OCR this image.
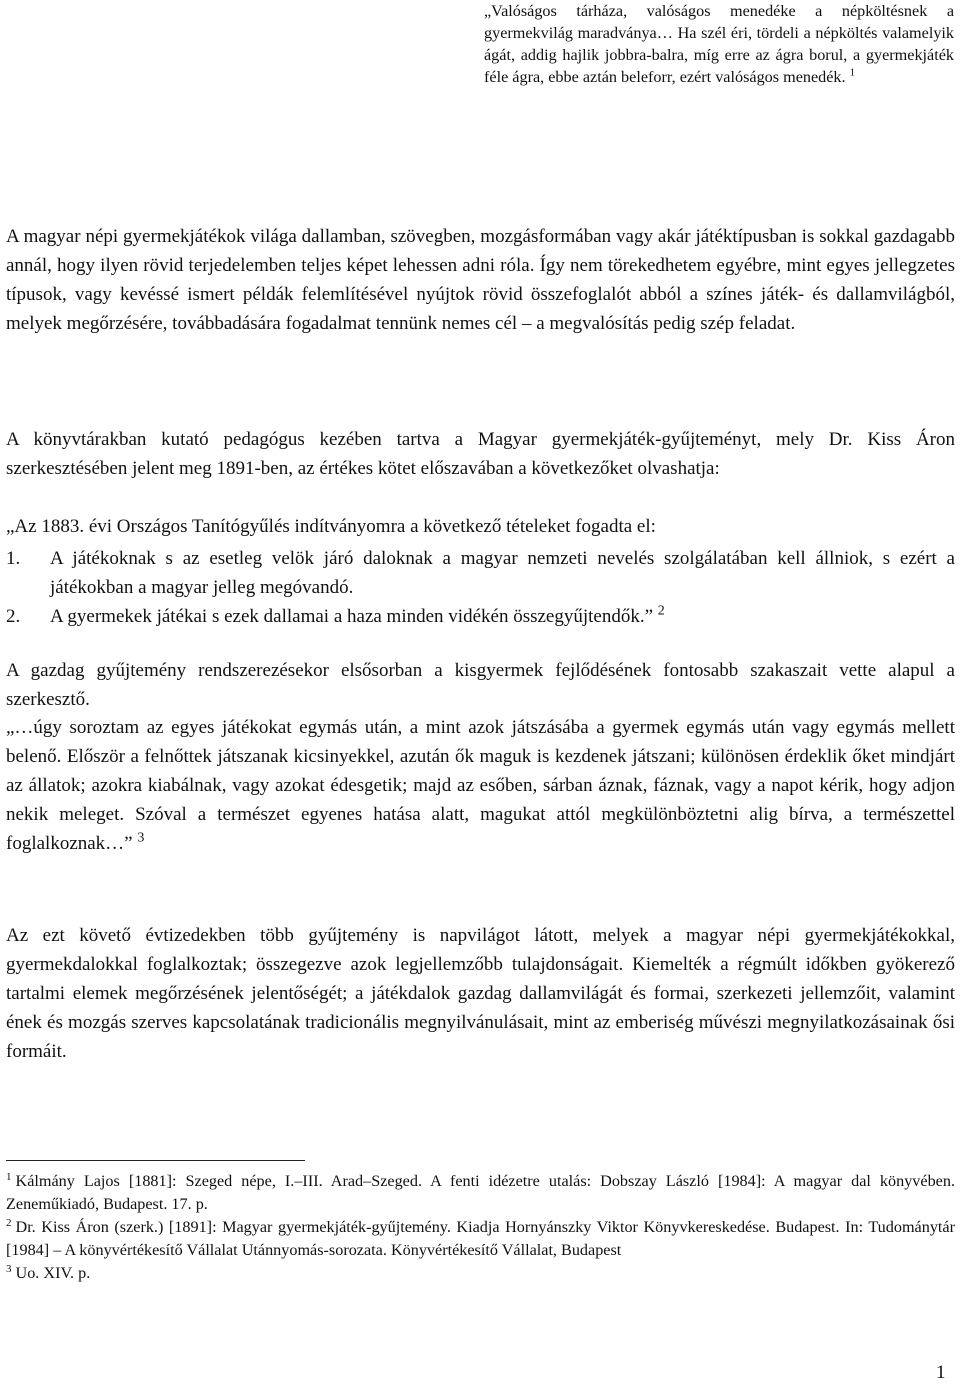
„Valóságos tárháza, valóságos menedéke a népköltésnek a gyermekvilág maradványa… Ha szél éri, tördeli a népköltés valamelyik ágát, addig hajlik jobbra-balra, míg erre az ágra borul, a gyermekjáték féle ágra, ebbe aztán beleforr, ezért valóságos menedék. $^1$

A magyar népi gyermekjátékok világa dallamban, szövegben, mozgásformában vagy akár játéktípusban is sokkal gazdagabb annál, hogy ilyen rövid terjedelemben teljes képet lehessen adni róla. Így nem törekedhetem egyébre, mint egyes jellegzetes típusok, vagy kevéssé ismert példák felemlítésével nyújtok rövid összefoglalót abból a színes játék- és dallamvilágból, melyek megőrzésére, továbbadására fogadalmat tennünk nemes cél – a megvalósítás pedig szép feladat.

A könyvtárakban kutató pedagógus kezében tartva a Magyar gyermekjáték-gyűjteményt, mely Dr. Kiss Áron szerkesztésében jelent meg 1891-ben, az értékes kötet előszavában a következőket olvashatja:

„Az 1883. évi Országos Tanítógyűlés indítványomra a következő tételeket fogadta el:

1. A játékoknak s az esetleg velök járó daloknak a magyar nemzeti nevelés szolgálatában kell állniok, s ezért a játékokban a magyar jelleg megóvandó.
2. A gyermekek játékai s ezek dallamai a haza minden vidékén összegyűjtendők.” $^2$

A gazdag gyűjtemény rendszerezésekor elsősorban a kisgyermek fejlődésének fontosabb szakaszait vette alapul a szerkesztő.

„…úgy soroztam az egyes játékokat egymás után, a mint azok játszásába a gyermek egymás után vagy egymás mellett belenő. Először a felnőttek játszanak kicsinyekkel, azután ők maguk is kezdenek játszani; különösen érdeklik őket mindjárt az állatok; azokra kiabálnak, vagy azokat édesgetik; majd az esőben, sárban áznak, fáznak, vagy a napot kérik, hogy adjon nekik meleget. Szóval a természet egyenes hatása alatt, magukat attól megkülönböztetni alig bírva, a természettel foglalkoznak…” $^3$

Az ezt követő évtizedekben több gyűjtemény is napvilágot látott, melyek a magyar népi gyermekjátékokkal, gyermekdalokkal foglalkoztak; összegezve azok legjellemzőbb tulajdonságait. Kiemelték a régmúlt időkben gyökerező tartalmi elemek megőrzésének jelentőségét; a játékdalok gazdag dallamvilágát és formai, szerkezeti jellemzőit, valamint ének és mozgás szerves kapcsolatának tradicionális megnyilvánulásait, mint az emberiség művészi megnyilatkozásainak ősi formáit.

$^1$ Kálmány Lajos [1881]: Szeged népe, I.–III. Arad–Szeged. A fenti idézetre utalás: Dobszay László [1984]: A magyar dal könyvében. Zeneműkiadó, Budapest. 17. p.

$^2$ Dr. Kiss Áron (szerk.) [1891]: Magyar gyermekjáték-gyűjtemény. Kiadja Hornyánszky Viktor Könyvkereskedése. Budapest. In: Tudománytár [1984] – A könyvértékesítő Vállalat Utánnyomás-sorozata. Könyvértékesítő Vállalat, Budapest

$^3$ Uo. XIV. p.

1
